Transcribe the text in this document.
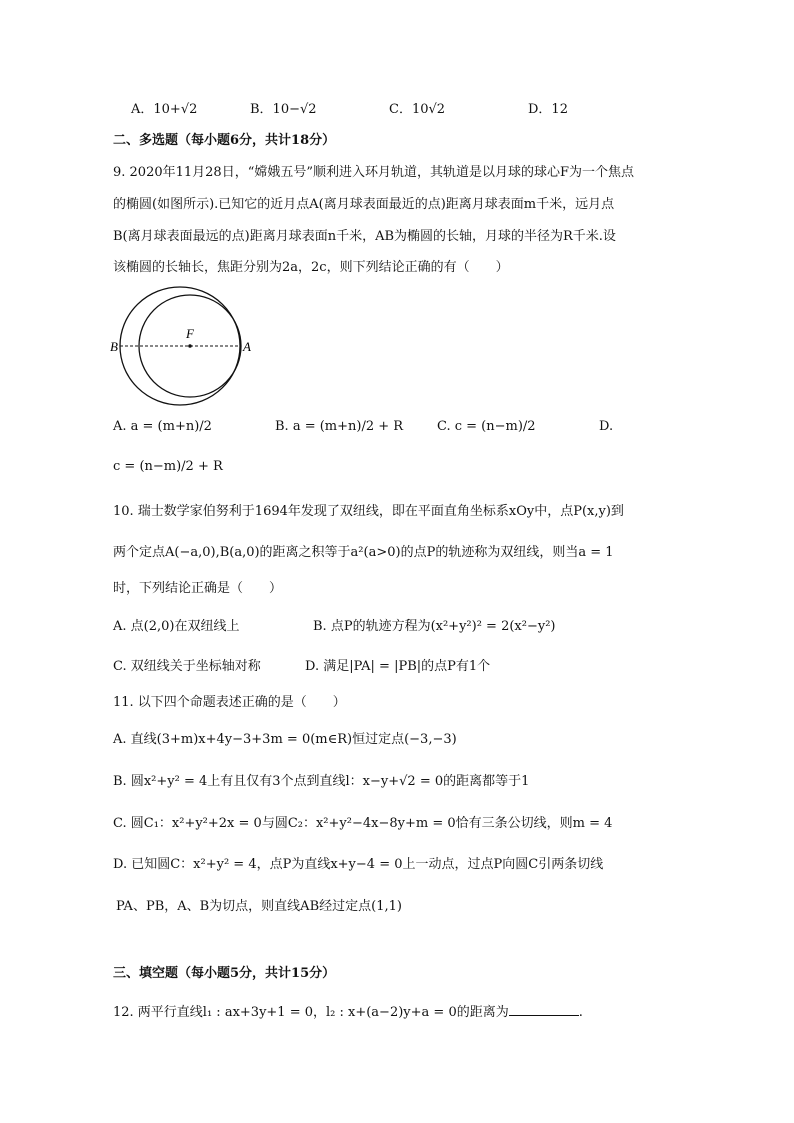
A．10+√2	B．10−√2	C．10√2	D．12
二、多选题（每小题6分，共计18分）
9. 2020年11月28日，“嫦娥五号”顺利进入环月轨道，其轨道是以月球的球心F为一个焦点
的椭圆(如图所示).已知它的近月点A(离月球表面最近的点)距离月球表面m千米，远月点
B(离月球表面最远的点)距离月球表面n千米，AB为椭圆的长轴，月球的半径为R千米.设
该椭圆的长轴长，焦距分别为2a，2c，则下列结论正确的有（　　）
F
B	A
A. a = (m+n)/2	B. a = (m+n)/2 + R	C. c = (n−m)/2	D.
c = (n−m)/2 + R
10. 瑞士数学家伯努利于1694年发现了双纽线，即在平面直角坐标系xOy中，点P(x,y)到
两个定点A(−a,0),B(a,0)的距离之积等于a²(a>0)的点P的轨迹称为双纽线，则当a = 1
时，下列结论正确是（　　）
A. 点(2,0)在双纽线上	B. 点P的轨迹方程为(x²+y²)² = 2(x²−y²)
C. 双纽线关于坐标轴对称	D. 满足|PA| = |PB|的点P有1个
11. 以下四个命题表述正确的是（　　）
A. 直线(3+m)x+4y−3+3m = 0(m∈R)恒过定点(−3,−3)
B. 圆x²+y² = 4上有且仅有3个点到直线l：x−y+√2 = 0的距离都等于1
C. 圆C₁：x²+y²+2x = 0与圆C₂：x²+y²−4x−8y+m = 0恰有三条公切线，则m = 4
D. 已知圆C：x²+y² = 4，点P为直线x+y−4 = 0上一动点，过点P向圆C引两条切线
PA、PB，A、B为切点，则直线AB经过定点(1,1)
三、填空题（每小题5分，共计15分）
12. 两平行直线l₁ : ax+3y+1 = 0，l₂ : x+(a−2)y+a = 0的距离为	.
